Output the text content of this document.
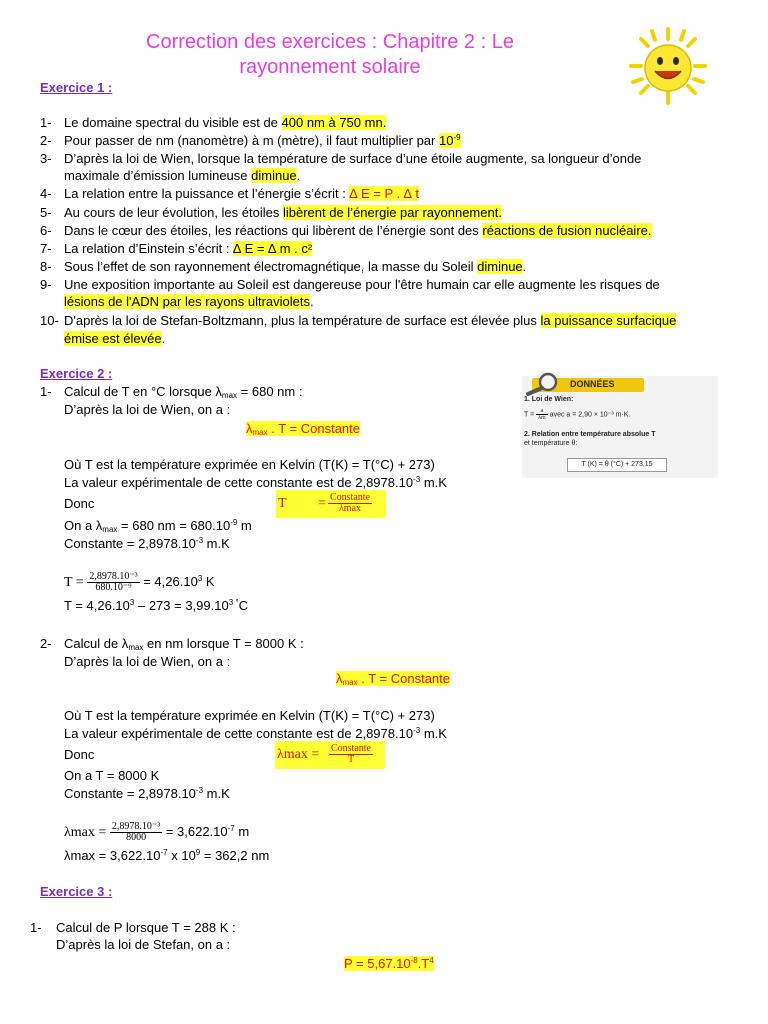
Correction des exercices : Chapitre 2 : Le rayonnement solaire
Exercice 1 :
1- Le domaine spectral du visible est de 400 nm à 750 mn.
2- Pour passer de nm (nanomètre) à m (mètre), il faut multiplier par $10^{-9}$
3- D’après la loi de Wien, lorsque la température de surface d’une étoile augmente, sa longueur d’onde
maximale d’émission lumineuse diminue.
4- La relation entre la puissance et l’énergie s’écrit : ∆ E = P . ∆ t
5- Au cours de leur évolution, les étoiles libèrent de l’énergie par rayonnement.
6- Dans le cœur des étoiles, les réactions qui libèrent de l’énergie sont des réactions de fusion nucléaire.
7- La relation d’Einstein s’écrit : ∆ E = ∆ m . c²
8- Sous l’effet de son rayonnement électromagnétique, la masse du Soleil diminue.
9- Une exposition importante au Soleil est dangereuse pour l'être humain car elle augmente les risques de
lésions de l'ADN par les rayons ultraviolets.
10- D'après la loi de Stefan-Boltzmann, plus la température de surface est élevée plus la puissance surfacique
émise est élevée.
Exercice 2 :
DONNÉES
1. Loi de Wien:
$T = \frac{a}{\lambda m}$ avec a = 2,90 × 10⁻³ m·K.
2. Relation entre température absolue T
et température θ:
T (K) = θ (°C) + 273,15
1- Calcul de T en °C lorsque $\lambda_{max} = 680$ nm :
D’après la loi de Wien, on a :
$\lambda_{max}$ . T = Constante
Où T est la température exprimée en Kelvin (T(K) = T(°C) + 273)
La valeur expérimentale de cette constante est de $2,8978.10^{-3}$ m.K
Donc	T = Constante
λmax
On a $\lambda_{max} = 680$ nm = $680.10^{-9}$ m
Constante = $2,8978.10^{-3}$ m.K
$T = \frac{\text{2,8978.10⁻³}}{\text{680.10⁻⁹}} = 4,26.10^3$ K
$T = 4,26.10^3 - 273 = 3,99.10^{3 ^\circ}C$
2- Calcul de $\lambda_{max}$ en nm lorsque T = 8000 K :
D’après la loi de Wien, on a :
$\lambda_{max}$ . T = Constante
Où T est la température exprimée en Kelvin (T(K) = T(°C) + 273)
La valeur expérimentale de cette constante est de $2,8978.10^{-3}$ m.K
Donc	λmax = Constante
T
On a T = 8000 K
Constante = $2,8978.10^{-3}$ m.K
$\lambda\max = \frac{\text{2,8978.10⁻³}}{8000} = 3,622.10^{-7}$ m
$\lambda\max = 3,622.10^{-7}$ x $10^9 = 362,2$ nm
Exercice 3 :
1- Calcul de P lorsque T = 288 K :
D’après la loi de Stefan, on a :
$P = 5,67.10^{-8}.T^4$
